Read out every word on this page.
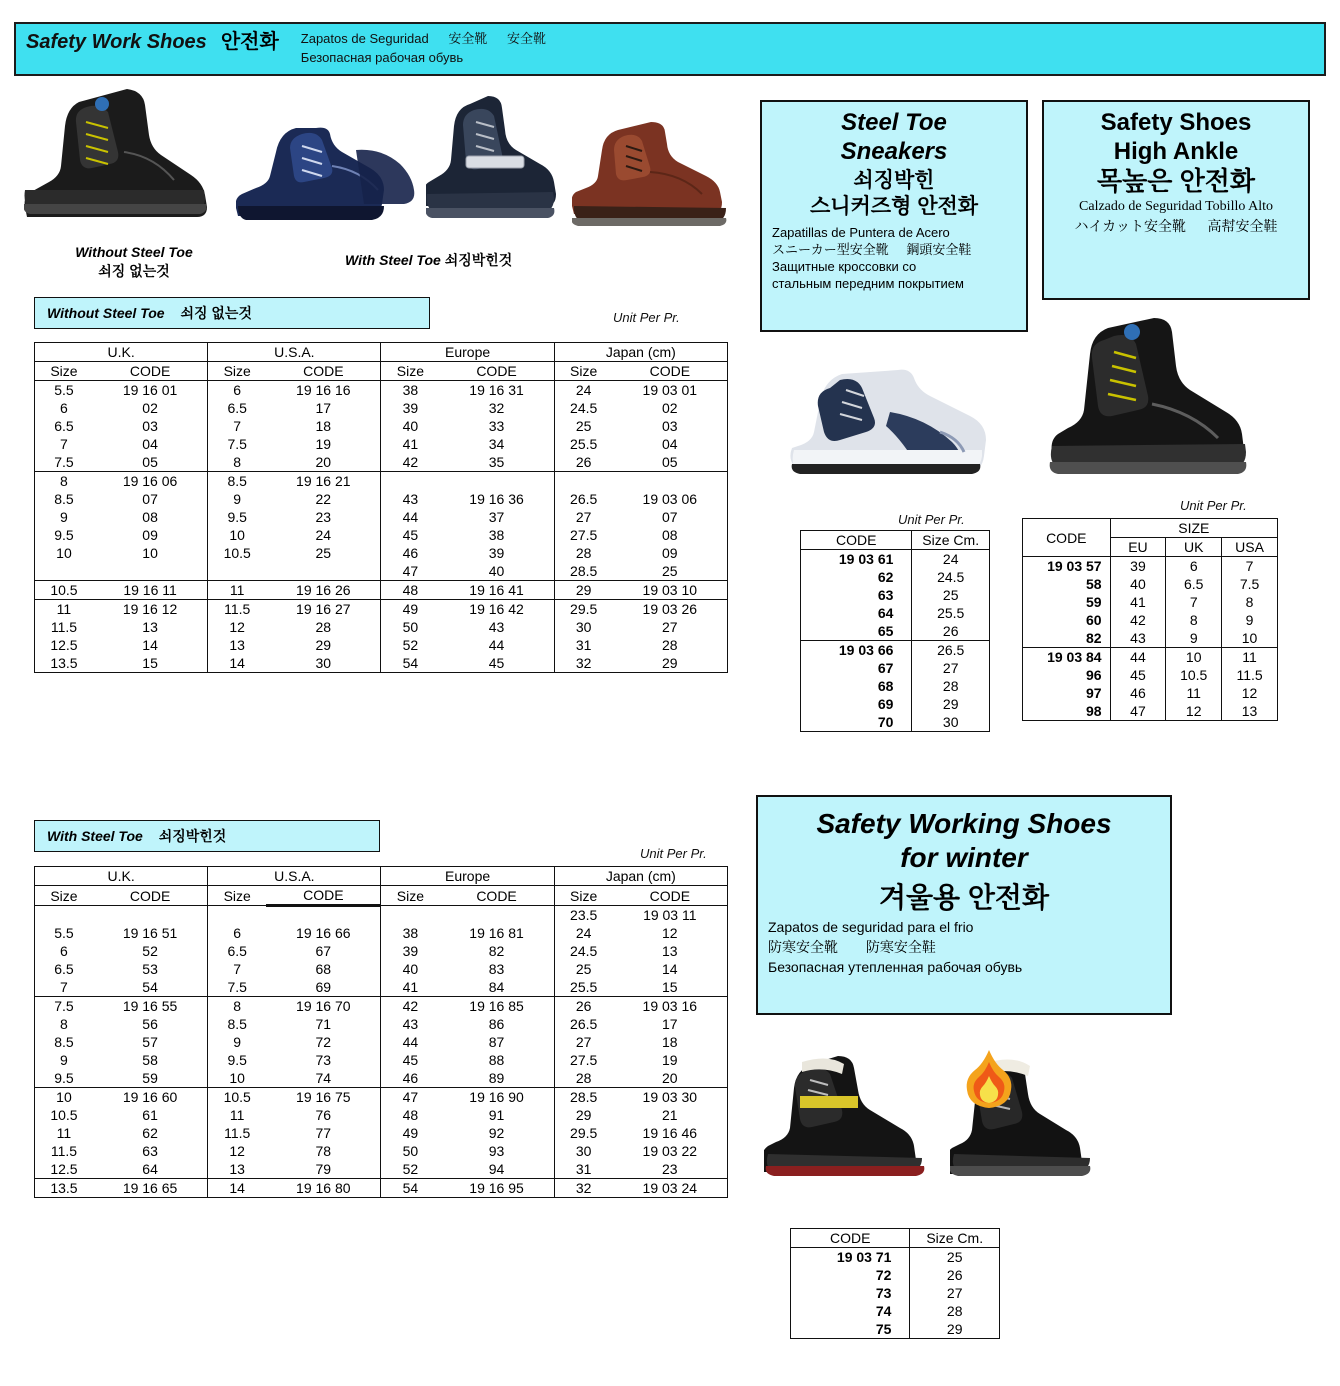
Safety Work Shoes 안전화 Zapatos de Seguridad 安全靴 安全靴
Безопасная рабочая обувь
Without Steel Toe
쇠징 없는것
With Steel Toe 쇠징박힌것
Without Steel Toe 쇠징 없는것	Unit Per Pr.
U.K.		U.S.A.		Europe		Japan (cm)	
Size	CODE	Size	CODE	Size	CODE	Size	CODE
5.5	19 16 01	6	19 16 16	38	19 16 31	24	19 03 01
6	02	6.5	17	39	32	24.5	02
6.5	03	7	18	40	33	25	03
7	04	7.5	19	41	34	25.5	04
7.5	05	8	20	42	35	26	05
8	19 16 06	8.5	19 16 21				
8.5	07	9	22	43	19 16 36	26.5	19 03 06
9	08	9.5	23	44	37	27	07
9.5	09	10	24	45	38	27.5	08
10	10	10.5	25	46	39	28	09
				47	40	28.5	25
10.5	19 16 11	11	19 16 26	48	19 16 41	29	19 03 10
11	19 16 12	11.5	19 16 27	49	19 16 42	29.5	19 03 26
11.5	13	12	28	50	43	30	27
12.5	14	13	29	52	44	31	28
13.5	15	14	30	54	45	32	29
With Steel Toe 쇠징박힌것
Unit Per Pr.
U.K.		U.S.A.		Europe		Japan (cm)	
Size	CODE	Size	CODE	Size	CODE	Size	CODE
						23.5	19 03 11
5.5	19 16 51	6	19 16 66	38	19 16 81	24	12
6	52	6.5	67	39	82	24.5	13
6.5	53	7	68	40	83	25	14
7	54	7.5	69	41	84	25.5	15
7.5	19 16 55	8	19 16 70	42	19 16 85	26	19 03 16
8	56	8.5	71	43	86	26.5	17
8.5	57	9	72	44	87	27	18
9	58	9.5	73	45	88	27.5	19
9.5	59	10	74	46	89	28	20
10	19 16 60	10.5	19 16 75	47	19 16 90	28.5	19 03 30
10.5	61	11	76	48	91	29	21
11	62	11.5	77	49	92	29.5	19 16 46
11.5	63	12	78	50	93	30	19 03 22
12.5	64	13	79	52	94	31	23
13.5	19 16 65	14	19 16 80	54	19 16 95	32	19 03 24
Steel Toe
Sneakers
쇠징박힌
스니커즈형 안전화
Zapatillas de Puntera de Acero
スニーカー型安全靴 鋼頭安全鞋
Защитные кроссовки со
стальным передним покрытием
Unit Per Pr.
CODE	Size Cm.
19 03 61	24
62	24.5
63	25
64	25.5
65	26
19 03 66	26.5
67	27
68	28
69	29
70	30
Safety Shoes
High Ankle
목높은 안전화
Calzado de Seguridad Tobillo Alto
ハイカット安全靴 高幇安全鞋
Unit Per Pr.
CODE	SIZE		
	EU	UK	USA
19 03 57	39	6	7
58	40	6.5	7.5
59	41	7	8
60	42	8	9
82	43	9	10
19 03 84	44	10	11
96	45	10.5	11.5
97	46	11	12
98	47	12	13
Safety Working Shoes
for winter
겨울용 안전화
Zapatos de seguridad para el frio
防寒安全靴 防寒安全鞋
Безопасная утепленная рабочая обувь
CODE	Size Cm.
19 03 71	25
72	26
73	27
74	28
75	29
